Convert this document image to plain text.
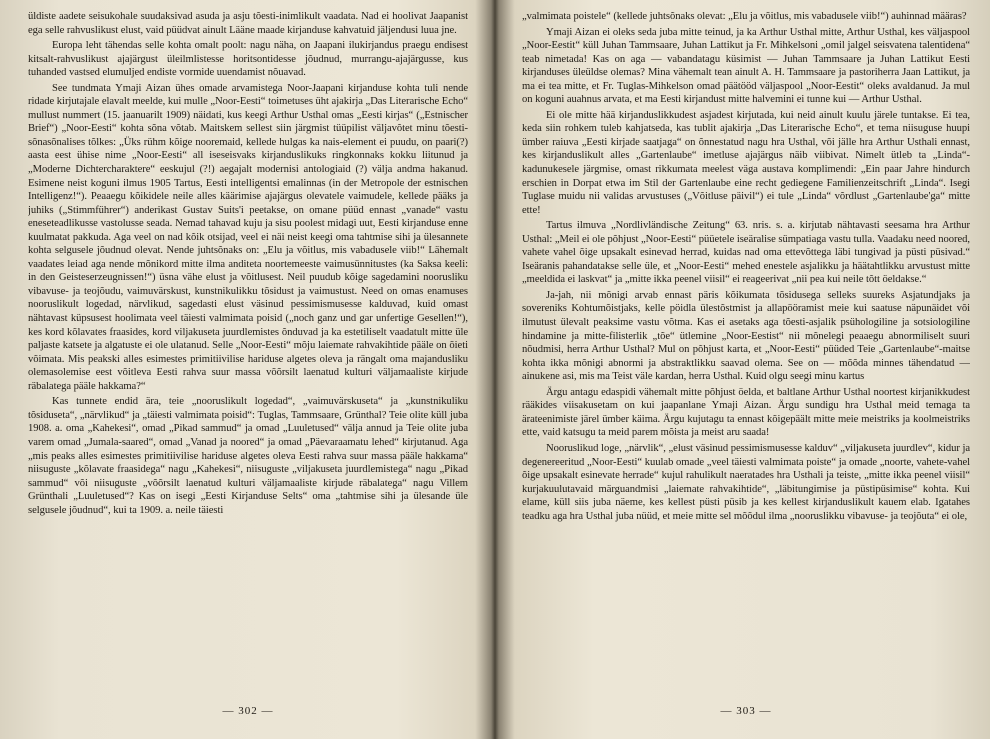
üldiste aadete seisukohale suudaksivad asuda ja asju tõesti-inimlikult vaadata. Nad ei hoolivat Jaapanist ega selle rahvuslikust elust, vaid püüdvat ainult Lääne maade kirjanduse kahvatuid jäljendusi luua jne.

Europa leht tähendas selle kohta omalt poolt: nagu näha, on Jaapani ilukirjandus praegu endisest kitsalt-rahvuslikust ajajärgust üleilmlistesse horitsontidesse jõudnud, murrangu-ajajärgusse, kus tuhanded vastsed elumuljed endiste vormide uuendamist nõuavad.

See tundmata Ymaji Aizan ühes omade arvamistega Noor-Jaapani kirjanduse kohta tuli nende ridade kirjutajale elavalt meelde, kui mulle „Noor-Eesti“ toimetuses üht ajakirja „Das Literarische Echo“ mullust nummert (15. jaanuarilt 1909) näidati, kus keegi Arthur Usthal omas „Eesti kirjas“ („Estnischer Brief“) „Noor-Eesti“ kohta sõna võtab. Maitskem sellest siin järgmist tüüpilist väljavõtet minu tõesti-sõnasõnalises tõlkes: „Üks rühm kõige nooremaid, kellede hulgas ka nais-element ei puudu, on paari(?) aasta eest ühise nime „Noor-Eesti“ all iseseisvaks kirjanduslikuks ringkonnaks kokku liitunud ja „Moderne Dichtercharaktere“ eeskujul (?!) aegajalt modernisi antologiaid (?) välja andma hakanud. Esimene neist koguni ilmus 1905 Tartus, Eesti intelligentsi emalinnas (in der Metropole der estnischen Intelligenz!“). Peaaegu kõikidele neile alles käärimise ajajärgus olevatele vaimudele, kellede pääks ja juhiks („Stimmführer“) anderikast Gustav Suits'i peetakse, on omane püüd ennast „vanade“ vastu eneseteadlikusse vastolusse seada. Nemad tahavad kuju ja sisu poolest midagi uut, Eesti kirjanduse enne kuulmatat pakkuda. Aga veel on nad kõik otsijad, veel ei näi neist keegi oma tahtmise sihi ja ülesannete kohta selgusele jõudnud olevat. Nende juhtsõnaks on: „Elu ja võitlus, mis vabadusele viib!“ Lähemalt vaadates leiad aga nende mõnikord mitte ilma anditeta noortemeeste vaimusünnitustes (ka Saksa keeli: in den Geisteserzeugnissen!“) üsna vähe elust ja võitlusest. Neil puudub kõige sagedamini noorusliku vibavuse- ja teojõudu, vaimuvärskust, kunstnikulikku tõsidust ja vaimustust. Need on omas enamuses nooruslikult logedad, närvlikud, sagedasti elust väsinud pessimismusesse kalduvad, kuid omast nähtavast küpsusest hoolimata veel täiesti valmimata poisid („noch ganz und gar unfertige Gesellen!“), kes kord kõlavates fraasides, kord viljakusetа juurdlemistes õnduvad ja ka estetiliselt vaadatult mitte üle paljaste katsete ja algatuste ei ole ulatanud. Selle „Noor-Eesti“ mõju laiemate rahvakihtide pääle on õieti võimata. Mis peakski alles esimestes primitiivilise hariduse algetes oleva ja rängalt oma majandusliku olemasolemise eest võitleva Eesti rahva suur massa võõrsilt laenatud kulturi väljamaaliste kirjude räbalatega pääle hakkama?“

Kas tunnete endid ära, teie „nooruslikult logedad“, „vaimuvärskuseta“ ja „kunstnikuliku tõsiduseta“, „närvlikud“ ja „täiesti valmimata poisid“: Tuglas, Tammsaare, Grünthal? Teie olite küll juba 1908. a. oma „Kahekesi“, omad „Pikad sammud“ ja omad „Luuletused“ välja annud ja Teie olite juba varem omad „Jumala-saared“, omad „Vanad ja noored“ ja omad „Päevaraamatu lehed“ kirjutanud. Aga „mis peaks alles esimestes primitiivilise hariduse algetes oleva Eesti rahva suur massa pääle hakkama“ niisuguste „kõlavate fraasidega“ nagu „Kahekesi“, niisuguste „viljakuseta juurdlemistega“ nagu „Pikad sammud“ või niisuguste „võõrsilt laenatud kulturi väljamaaliste kirjude räbalatega“ nagu Villem Grünthali „Luuletused“? Kas on isegi „Eesti Kirjanduse Selts“ oma „tahtmise sihi ja ülesande üle selgusele jõudnud“, kui ta 1909. a. neile täiesti

— 302 —

„valmimata poistele“ (kellede juhtsõnaks olevat: „Elu ja võitlus, mis vabadusele viib!“) auhinnad määras?

Ymaji Aizan ei oleks seda juba mitte teinud, ja ka Arthur Usthal mitte, Arthur Usthal, kes väljaspool „Noor-Eestit“ küll Juhan Tammsaare, Juhan Lattikut ja Fr. Mihkelsoni „omil jalgel seisvatena talentidena“ teab nimetada! Kas on aga — vabandatagu küsimist — Juhan Tammsaare ja Juhan Lattikut Eesti kirjanduses üleüldse olemas? Mina vähemalt tean ainult A. H. Tammsaare ja pastoriherra Jaan Lattikut, ja ma ei tea mitte, et Fr. Tuglas-Mihkelson omad päätööd väljaspool „Noor-Eestit“ oleks avaldanud. Ja mul on koguni auahnus arvata, et ma Eesti kirjandust mitte halvemini ei tunne kui — Arthur Usthal.

Ei ole mitte hää kirjanduslikkudest asjadest kirjutada, kui neid ainult kuulu järele tuntakse. Ei tea, keda siin rohkem tuleb kahjatseda, kas tublit ajakirja „Das Literarische Echo“, et tema niisuguse huupi ümber raiuva „Eesti kirjade saatjaga“ on õnnestatud nagu hra Usthal, või jälle hra Arthur Usthali ennast, kes kirjanduslikult alles „Gartenlaube“ imetluse ajajärgus näib viibivat. Nimelt ütleb ta „Linda“-kadunukesele järgmise, omast rikkumata meelest väga austava komplimendi: „Ein paar Jahre hindurch erschien in Dorpat etwa im Stil der Gartenlaube eine recht gediegene Familienzeitschrift „Linda“. Isegi Tuglase muidu nii validas arvustuses („Võitluse päivil“) ei tule „Linda“ võrdlust „Gartenlaube'ga“ mitte ette!

Tartus ilmuva „Nordlivländische Zeitung“ 63. nris. s. a. kirjutab nähtavasti seesama hra Arthur Usthal: „Meil ei ole põhjust „Noor-Eesti“ püüetele iseäralise sümpatiaga vastu tulla. Vaadaku need noored, vahete vahel õige upsakalt esinevad herrad, kuidas nad oma ettevõttega läbi tungivad ja püsti püsivad.“ Iseäranis pahandatakse selle üle, et „Noor-Eesti“ mehed enestele asjalikku ja häätahtlikku arvustust mitte „meeldida ei laskvat“ ja „mitte ikka peenel viisil“ ei reageerivat „nii pea kui neile tõtt öeldakse.“

Ja-jah, nii mõnigi arvab ennast päris kõikumata tõsidusega selleks suureks Asjatundjaks ja sovereniks Kohtumõistjaks, kelle pöidla ülestõstmist ja allapööramist meie kui saatuse näpunäidet või ilmutust ülevalt peaksime vastu võtma. Kas ei asetaks aga tõesti-asjalik psühologiline ja sotsiologiline hindamine ja mitte-filisterlik „tõe“ ütlemine „Noor-Eestist“ nii mõnelegi peaaegu abnormiliselt suuri nõudmisi, herra Arthur Usthal? Mul on põhjust karta, et „Noor-Eesti“ püüded Teie „Gartenlaube“-maitse kohta ikka mõnigi abnormi ja abstraktlikku saavad olema. See on — mõõda minnes tähendatud — ainukene asi, mis ma Teist väle kardan, herra Usthal. Kuid olgu seegi minu kartus

Ärgu antagu edaspidi vähemalt mitte põhjust öelda, et baltlane Arthur Usthal noortest kirjanikkudest rääkides viisakusetam on kui jaapanlane Ymaji Aizan. Ärgu sundigu hra Usthal meid temaga ta ärateenimiste järel ümber käima. Ärgu kujutagu ta ennast kõigepäält mitte meie meistriks ja koolmeistriks ette, vaid katsugu ta meid parem mõista ja meist aru saada!

Nooruslikud loge, „närvlik“, „elust väsinud pessimismusesse kalduv“ „viljakuseta juurdlev“, kidur ja degenereeritud „Noor-Eesti“ kuulab omade „veel täiesti valmimata poiste“ ja omade „noorte, vahete-vahel õige upsakalt esinevate herrade“ kujul rahulikult naeratades hra Usthali ja teiste, „mitte ikka peenel viisil“ kurjakuulutavaid märguandmisi „laiemate rahvakihtide“, „läbitungimise ja püstipüsimise“ kohta. Kui elame, küll siis juba näeme, kes kellest püsti püsib ja kes kellest kirjanduslikult kauem elab. Igatahes teadku aga hra Usthal juba nüüd, et meie mitte sel mõõdul ilma „nooruslikku vibavuse- ja teojõuta“ ei ole,

— 303 —
